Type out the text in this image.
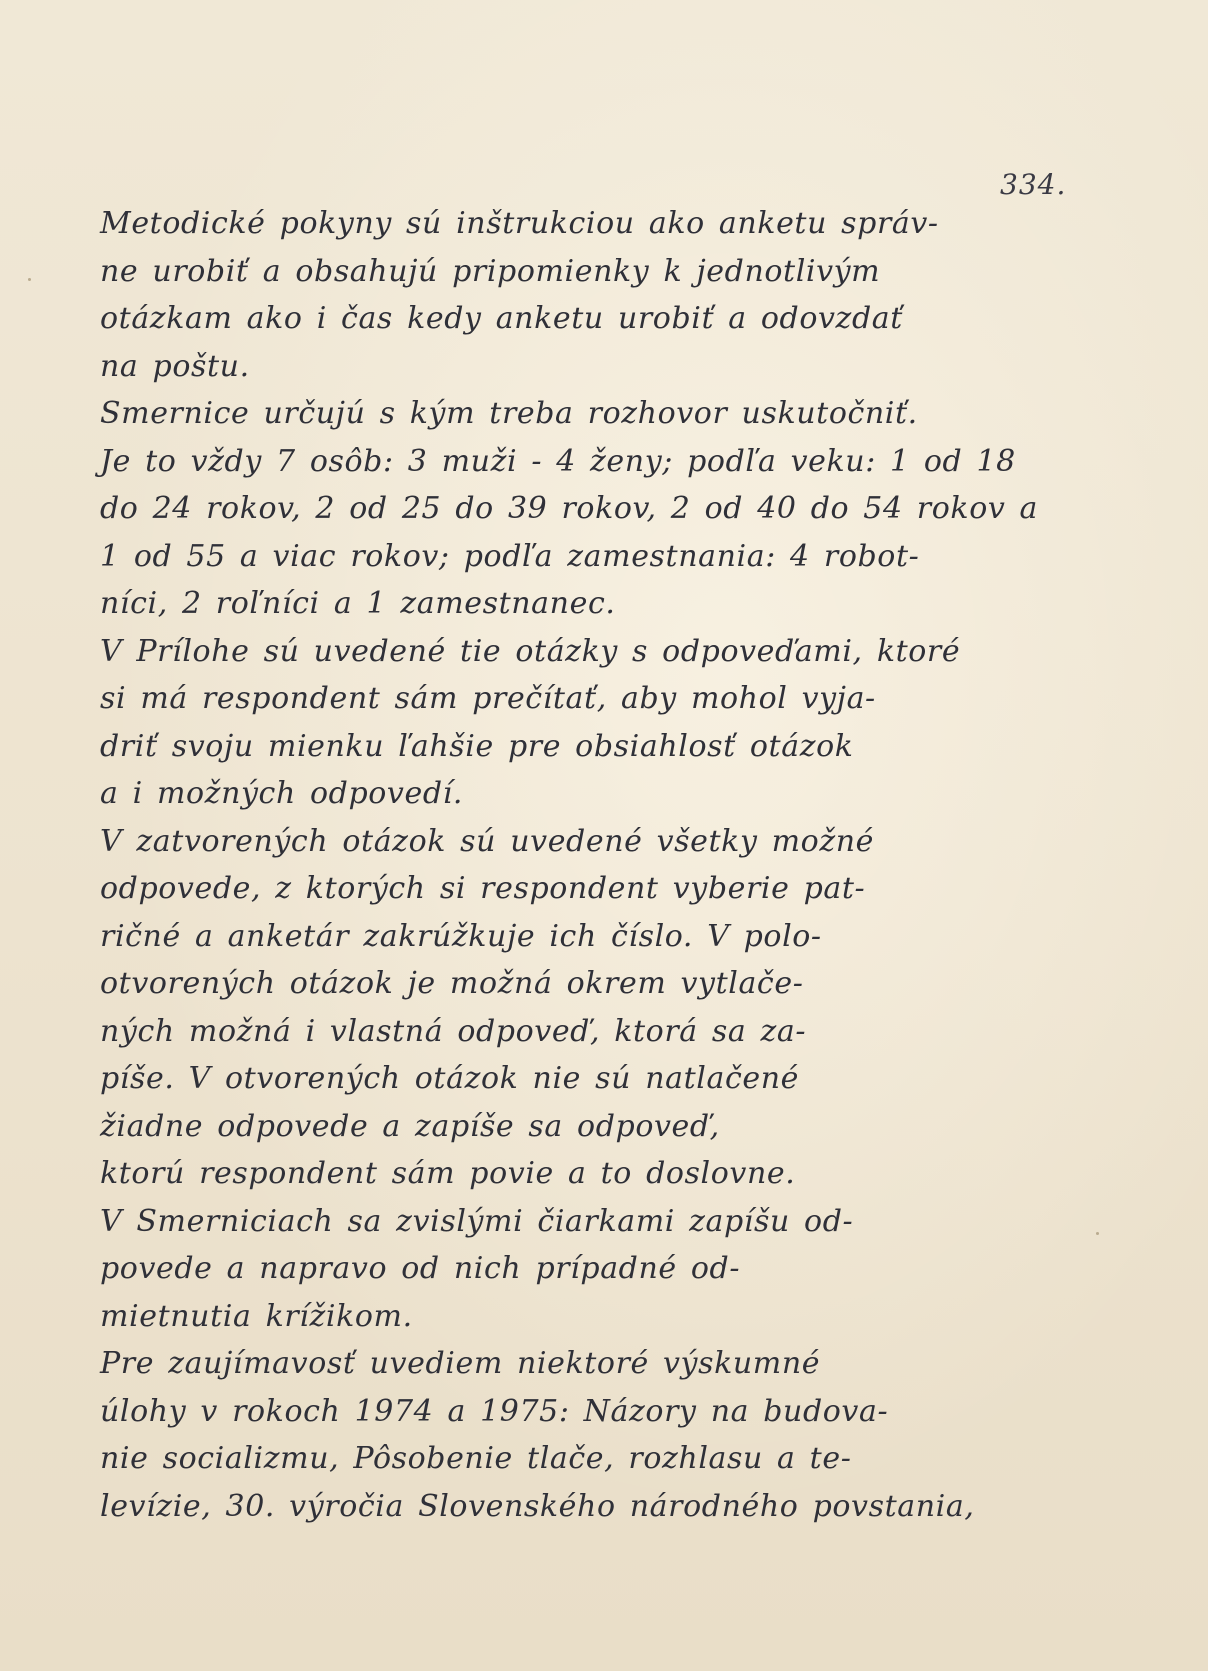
334.
Metodické pokyny sú inštrukciou ako anketu správ-
ne urobiť a obsahujú pripomienky k jednotlivým
otázkam ako i čas kedy anketu urobiť a odovzdať
na poštu.
Smernice určujú s kým treba rozhovor uskutočniť.
Je to vždy 7 osôb: 3 muži - 4 ženy; podľa veku: 1 od 18
do 24 rokov, 2 od 25 do 39 rokov, 2 od 40 do 54 rokov a
1 od 55 a viac rokov; podľa zamestnania: 4 robot-
níci, 2 roľníci a 1 zamestnanec.
V Prílohe sú uvedené tie otázky s odpoveďami, ktoré
si má respondent sám prečítať, aby mohol vyja-
driť svoju mienku ľahšie pre obsiahlosť otázok
a i možných odpovedí.
V zatvorených otázok sú uvedené všetky možné
odpovede, z ktorých si respondent vyberie pat-
ričné a anketár zakrúžkuje ich číslo. V polo-
otvorených otázok je možná okrem vytlače-
ných možná i vlastná odpoveď, ktorá sa za-
píše. V otvorených otázok nie sú natlačené
žiadne odpovede a zapíše sa odpoveď,
ktorú respondent sám povie a to doslovne.
V Smerniciach sa zvislými čiarkami zapíšu od-
povede a napravo od nich prípadné od-
mietnutia krížikom.
Pre zaujímavosť uvediem niektoré výskumné
úlohy v rokoch 1974 a 1975: Názory na budova-
nie socializmu, Pôsobenie tlače, rozhlasu a te-
levízie, 30. výročia Slovenského národného povstania,
